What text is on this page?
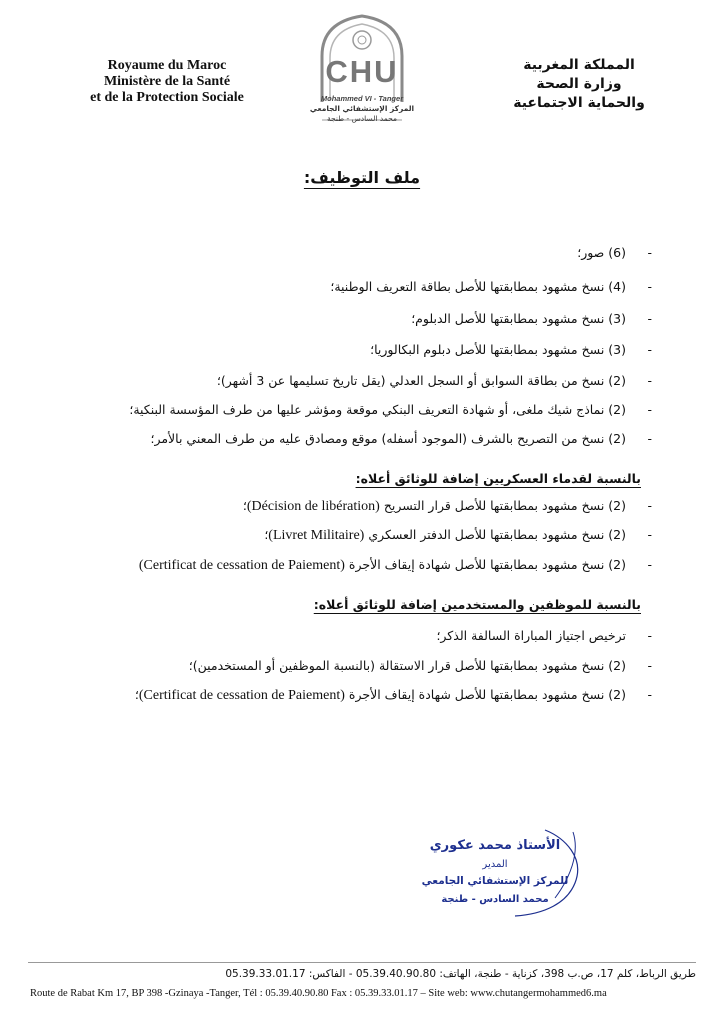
Royaume du Maroc
Ministère de la Santé
et de la Protection Sociale
CHU
Mohammed VI - Tanger
المركز الإستشفائي الجامعي
محمد السادس - طنجة
المملكة المغربية
وزارة الصحة
والحماية الاجتماعية
ملف التوظيف:
- (6) صور؛
- (4) نسخ مشهود بمطابقتها للأصل بطاقة التعريف الوطنية؛
- (3) نسخ مشهود بمطابقتها للأصل الدبلوم؛
- (3) نسخ مشهود بمطابقتها للأصل دبلوم البكالوريا؛
- (2) نسخ من بطاقة السوابق أو السجل العدلي (يقل تاريخ تسليمها عن 3 أشهر)؛
- (2) نماذج شيك ملغى، أو شهادة التعريف البنكي موقعة ومؤشر عليها من طرف المؤسسة البنكية؛
- (2) نسخ من التصريح بالشرف (الموجود أسفله) موقع ومصادق عليه من طرف المعني بالأمر؛
بالنسبة لقدماء العسكريين إضافة للوثائق أعلاه:
- (2) نسخ مشهود بمطابقتها للأصل قرار التسريح (Décision de libération)؛
- (2) نسخ مشهود بمطابقتها للأصل الدفتر العسكري (Livret Militaire)؛
- (2) نسخ مشهود بمطابقتها للأصل شهادة إيقاف الأجرة (Certificat de cessation de Paiement)
بالنسبة للموظفين والمستخدمين إضافة للوثائق أعلاه:
- ترخيص اجتياز المباراة السالفة الذكر؛
- (2) نسخ مشهود بمطابقتها للأصل قرار الاستقالة (بالنسبة الموظفين أو المستخدمين)؛
- (2) نسخ مشهود بمطابقتها للأصل شهادة إيقاف الأجرة (Certificat de cessation de Paiement)؛
الأستاذ محمد عكوري
المدير
للمركز الإستشفائي الجامعي
محمد السادس - طنجة
طريق الرباط، كلم 17، ص.ب 398، كزناية - طنجة، الهاتف: 05.39.40.90.80 - الفاكس: 05.39.33.01.17
Route de Rabat Km 17, BP 398 -Gzinaya -Tanger, Tél : 05.39.40.90.80 Fax : 05.39.33.01.17 – Site web: www.chutangermohammed6.ma
